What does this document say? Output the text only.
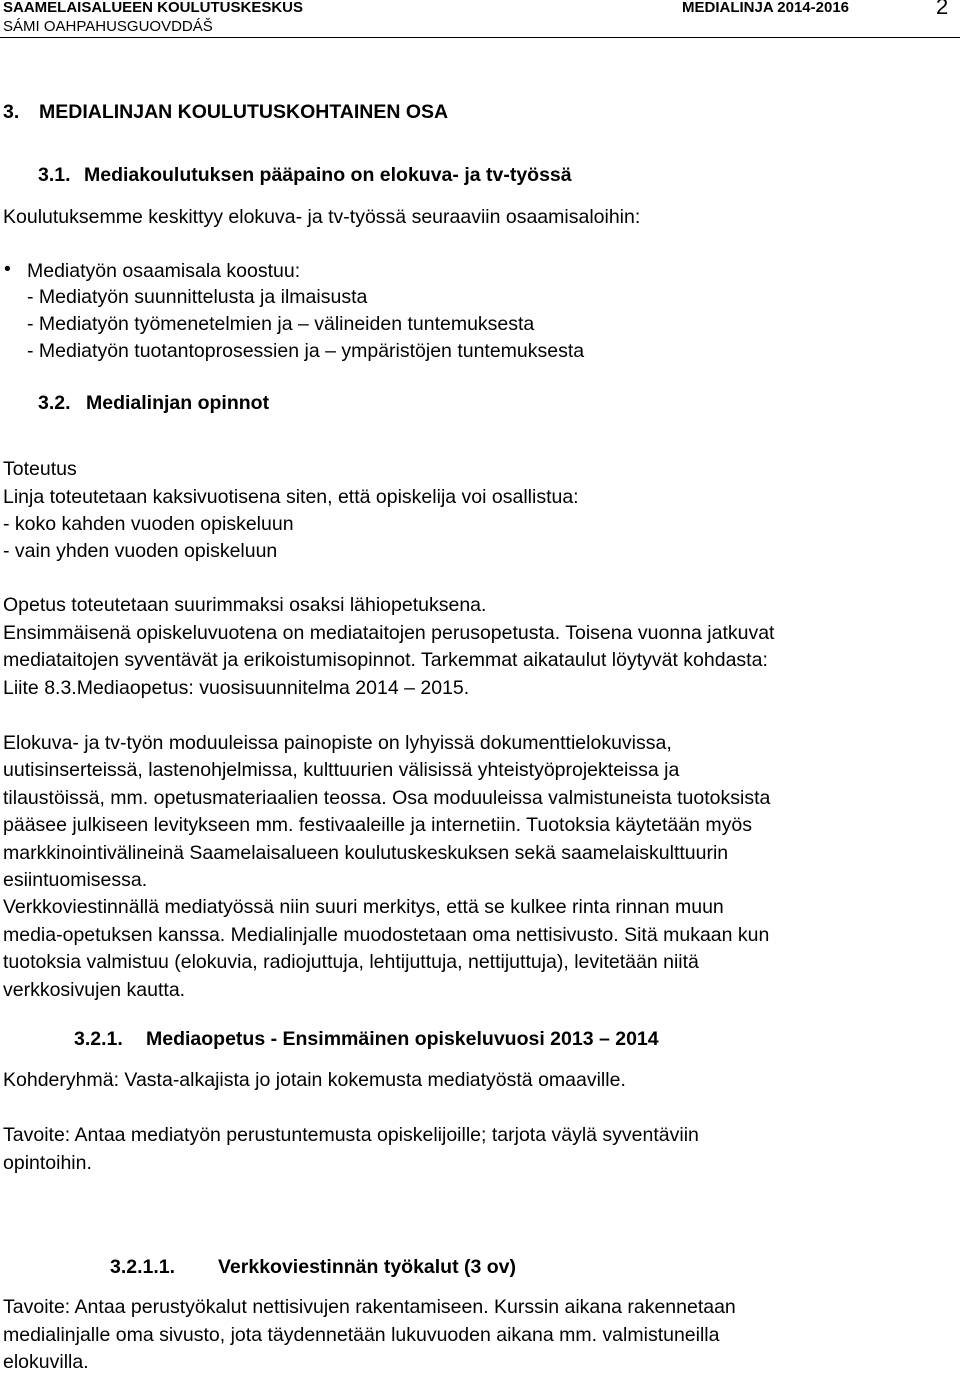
SAAMELAISALUEEN KOULUTUSKESKUS
SÁMI OAHPAHUSGUOVDDÁŠ
MEDIALINJA 2014-2016	2
3. MEDIALINJAN KOULUTUSKOHTAINEN OSA
3.1. Mediakoulutuksen pääpaino on elokuva- ja tv-työssä
Koulutuksemme keskittyy elokuva- ja tv-työssä seuraaviin osaamisaloihin:
• Mediatyön osaamisala koostuu:
- Mediatyön suunnittelusta ja ilmaisusta
- Mediatyön työmenetelmien ja – välineiden tuntemuksesta
- Mediatyön tuotantoprosessien ja – ympäristöjen tuntemuksesta
3.2. Medialinjan opinnot
Toteutus
Linja toteutetaan kaksivuotisena siten, että opiskelija voi osallistua:
- koko kahden vuoden opiskeluun
- vain yhden vuoden opiskeluun
Opetus toteutetaan suurimmaksi osaksi lähiopetuksena.
Ensimmäisenä opiskeluvuotena on mediataitojen perusopetusta. Toisena vuonna jatkuvat
mediataitojen syventävät ja erikoistumisopinnot. Tarkemmat aikataulut löytyvät kohdasta:
Liite 8.3.Mediaopetus: vuosisuunnitelma 2014 – 2015.
Elokuva- ja tv-työn moduuleissa painopiste on lyhyissä dokumenttielokuvissa,
uutisinserteissä, lastenohjelmissa, kulttuurien välisissä yhteistyöprojekteissa ja
tilaustöissä, mm. opetusmateriaalien teossa. Osa moduuleissa valmistuneista tuotoksista
pääsee julkiseen levitykseen mm. festivaaleille ja internetiin. Tuotoksia käytetään myös
markkinointivälineinä Saamelaisalueen koulutuskeskuksen sekä saamelaiskulttuurin
esiintuomisessa.
Verkkoviestinnällä mediatyössä niin suuri merkitys, että se kulkee rinta rinnan muun
media-opetuksen kanssa. Medialinjalle muodostetaan oma nettisivusto. Sitä mukaan kun
tuotoksia valmistuu (elokuvia, radiojuttuja, lehtijuttuja, nettijuttuja), levitetään niitä
verkkosivujen kautta.
3.2.1. Mediaopetus - Ensimmäinen opiskeluvuosi 2013 – 2014
Kohderyhmä: Vasta-alkajista jo jotain kokemusta mediatyöstä omaaville.
Tavoite: Antaa mediatyön perustuntemusta opiskelijoille; tarjota väylä syventäviin
opintoihin.
3.2.1.1. Verkkoviestinnän työkalut (3 ov)
Tavoite: Antaa perustyökalut nettisivujen rakentamiseen. Kurssin aikana rakennetaan
medialinjalle oma sivusto, jota täydennetään lukuvuoden aikana mm. valmistuneilla
elokuvilla.
